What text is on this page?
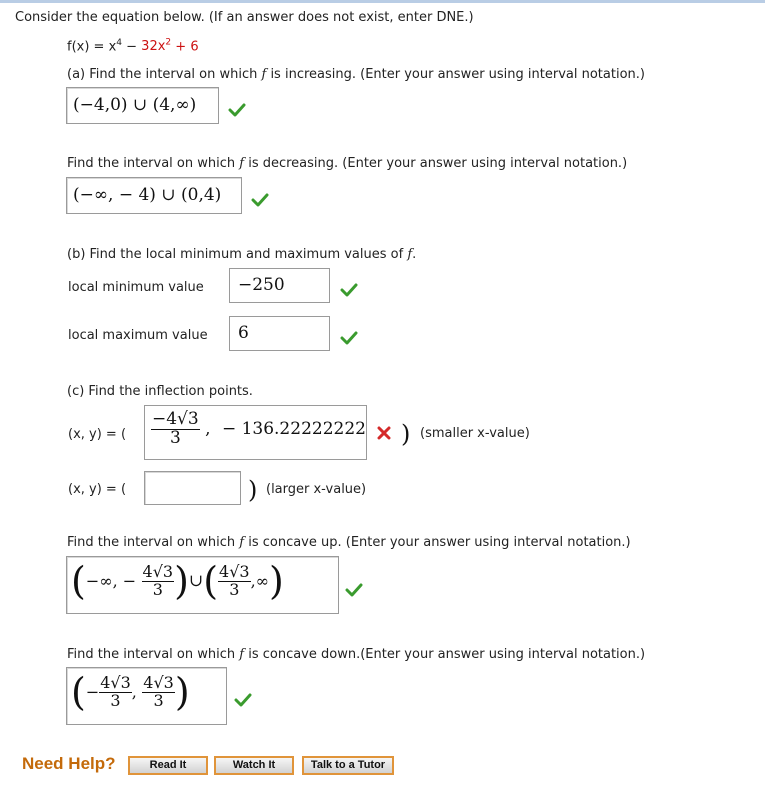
Consider the equation below. (If an answer does not exist, enter DNE.)
$f(x) = x^4 - 32x^2 + 6$
(a) Find the interval on which f is increasing. (Enter your answer using interval notation.)
(−4,0) ∪ (4,∞)
Find the interval on which f is decreasing. (Enter your answer using interval notation.)
(−∞, − 4) ∪ (0,4)
(b) Find the local minimum and maximum values of f.
local minimum value −250
local maximum value 6
(c) Find the inflection points.
(x, y) = ( $\frac{-4√3}{3}$ , − 136.22222222 ) (smaller x-value)
(x, y) = (	) (larger x-value)
Find the interval on which f is concave up. (Enter your answer using interval notation.)
(−∞, − $\frac{4√3}{3}$ )∪( $\frac{4√3}{3}$ ,∞)
Find the interval on which f is concave down.(Enter your answer using interval notation.)
(− $\frac{4√3}{3}$ , $\frac{4√3}{3}$ )
Need Help?	Read It	Watch It	Talk to a Tutor
